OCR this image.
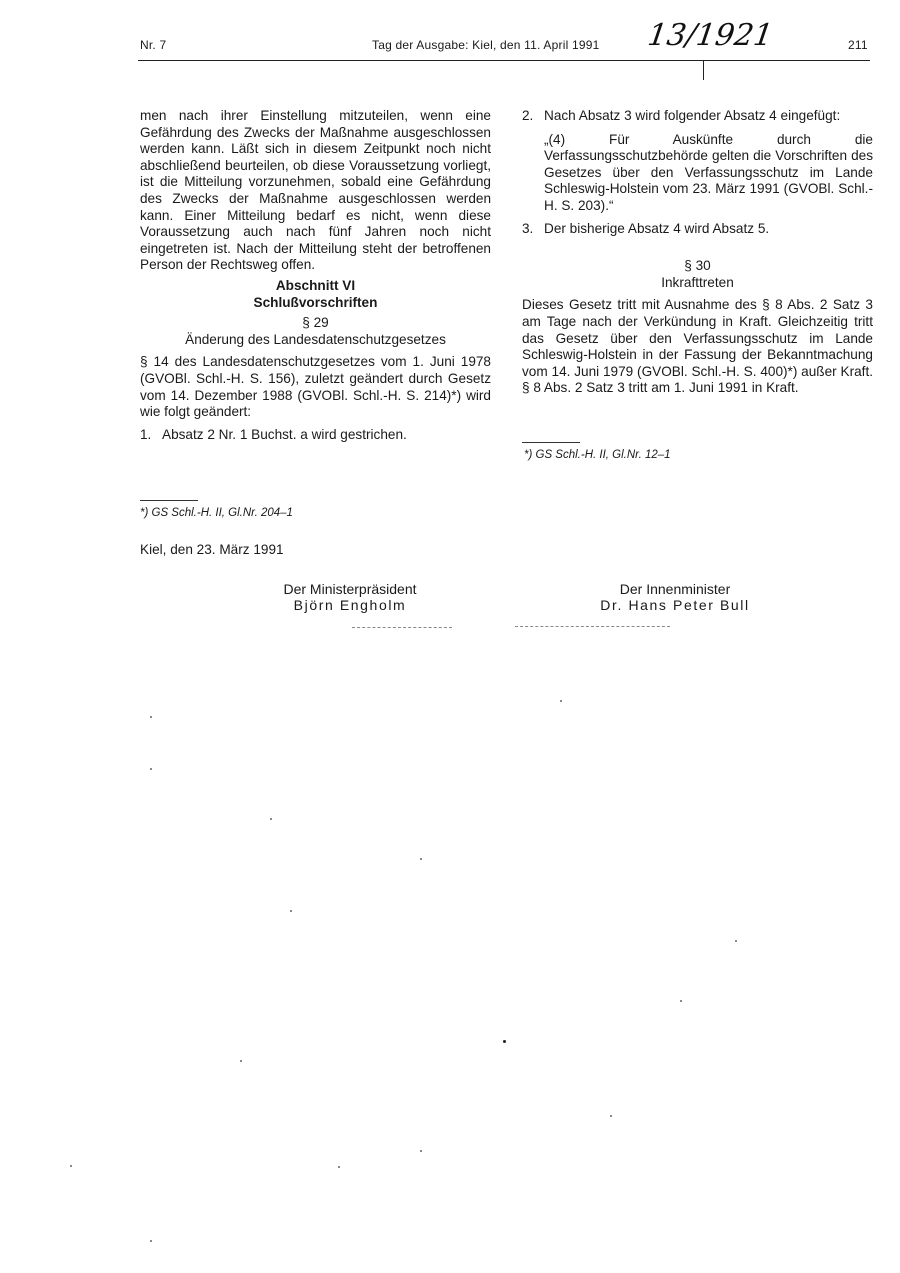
Nr. 7	Tag der Ausgabe: Kiel, den 11. April 1991 13/1921	211

men nach ihrer Einstellung mitzuteilen, wenn eine Gefährdung des Zwecks der Maßnahme ausgeschlossen werden kann. Läßt sich in diesem Zeitpunkt noch nicht abschließend beurteilen, ob diese Voraussetzung vorliegt, ist die Mitteilung vorzunehmen, sobald eine Gefährdung des Zwecks der Maßnahme ausgeschlossen werden kann. Einer Mitteilung bedarf es nicht, wenn diese Voraussetzung auch nach fünf Jahren noch nicht eingetreten ist. Nach der Mitteilung steht der betroffenen Person der Rechtsweg offen.

Abschnitt VI

Schlußvorschriften

§ 29

Änderung des Landesdatenschutzgesetzes

§ 14 des Landesdatenschutzgesetzes vom 1. Juni 1978 (GVOBl. Schl.-H. S. 156), zuletzt geändert durch Gesetz vom 14. Dezember 1988 (GVOBl. Schl.-H. S. 214)*) wird wie folgt geändert:

1. Absatz 2 Nr. 1 Buchst. a wird gestrichen.
*) GS Schl.-H. II, Gl.Nr. 204–1
2. Nach Absatz 3 wird folgender Absatz 4 eingefügt:

„(4) Für Auskünfte durch die Verfassungsschutzbehörde gelten die Vorschriften des Gesetzes über den Verfassungsschutz im Lande Schleswig-Holstein vom 23. März 1991 (GVOBl. Schl.-H. S. 203).“

3. Der bisherige Absatz 4 wird Absatz 5.

§ 30

Inkrafttreten

Dieses Gesetz tritt mit Ausnahme des § 8 Abs. 2 Satz 3 am Tage nach der Verkündung in Kraft. Gleichzeitig tritt das Gesetz über den Verfassungsschutz im Lande Schleswig-Holstein in der Fassung der Bekanntmachung vom 14. Juni 1979 (GVOBl. Schl.-H. S. 400)*) außer Kraft. § 8 Abs. 2 Satz 3 tritt am 1. Juni 1991 in Kraft.

*) GS Schl.-H. II, Gl.Nr. 12–1
Kiel, den 23. März 1991
Der Ministerpräsident
Björn Engholm
Der Innenminister
Dr. Hans Peter Bull
